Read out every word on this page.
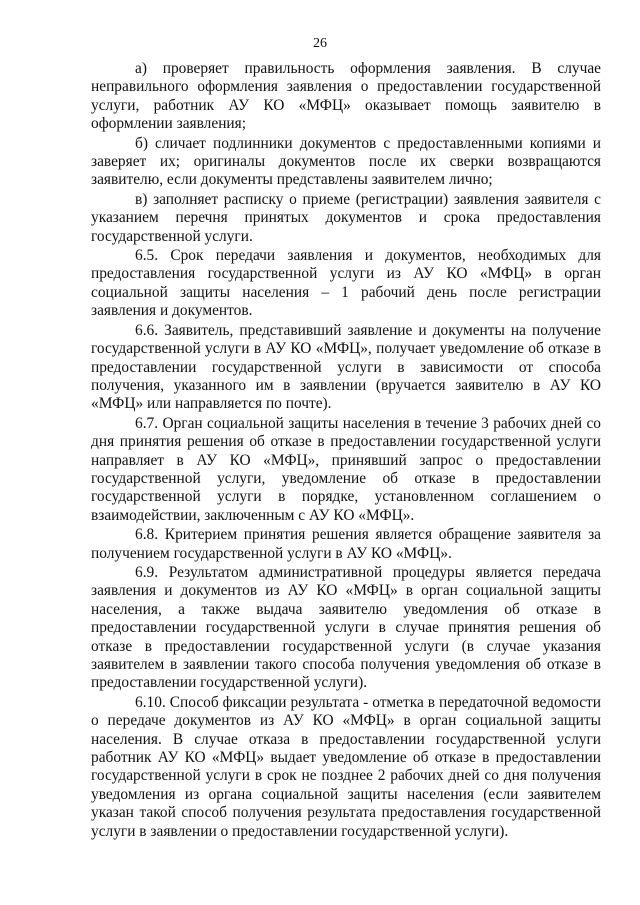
26

а) проверяет правильность оформления заявления. В случае неправильного оформления заявления о предоставлении государственной услуги, работник АУ КО «МФЦ» оказывает помощь заявителю в оформлении заявления;

б) сличает подлинники документов с предоставленными копиями и заверяет их; оригиналы документов после их сверки возвращаются заявителю, если документы представлены заявителем лично;

в) заполняет расписку о приеме (регистрации) заявления заявителя с указанием перечня принятых документов и срока предоставления государственной услуги.

6.5. Срок передачи заявления и документов, необходимых для предоставления государственной услуги из АУ КО «МФЦ» в орган социальной защиты населения – 1 рабочий день после регистрации заявления и документов.

6.6. Заявитель, представивший заявление и документы на получение государственной услуги в АУ КО «МФЦ», получает уведомление об отказе в предоставлении государственной услуги в зависимости от способа получения, указанного им в заявлении (вручается заявителю в АУ КО «МФЦ» или направляется по почте).

6.7. Орган социальной защиты населения в течение 3 рабочих дней со дня принятия решения об отказе в предоставлении государственной услуги направляет в АУ КО «МФЦ», принявший запрос о предоставлении государственной услуги, уведомление об отказе в предоставлении государственной услуги в порядке, установленном соглашением о взаимодействии, заключенным с АУ КО «МФЦ».

6.8. Критерием принятия решения является обращение заявителя за получением государственной услуги в АУ КО «МФЦ».

6.9. Результатом административной процедуры является передача заявления и документов из АУ КО «МФЦ» в орган социальной защиты населения, а также выдача заявителю уведомления об отказе в предоставлении государственной услуги в случае принятия решения об отказе в предоставлении государственной услуги (в случае указания заявителем в заявлении такого способа получения уведомления об отказе в предоставлении государственной услуги).

6.10. Способ фиксации результата - отметка в передаточной ведомости о передаче документов из АУ КО «МФЦ» в орган социальной защиты населения. В случае отказа в предоставлении государственной услуги работник АУ КО «МФЦ» выдает уведомление об отказе в предоставлении государственной услуги в срок не позднее 2 рабочих дней со дня получения уведомления из органа социальной защиты населения (если заявителем указан такой способ получения результата предоставления государственной услуги в заявлении о предоставлении государственной услуги).
